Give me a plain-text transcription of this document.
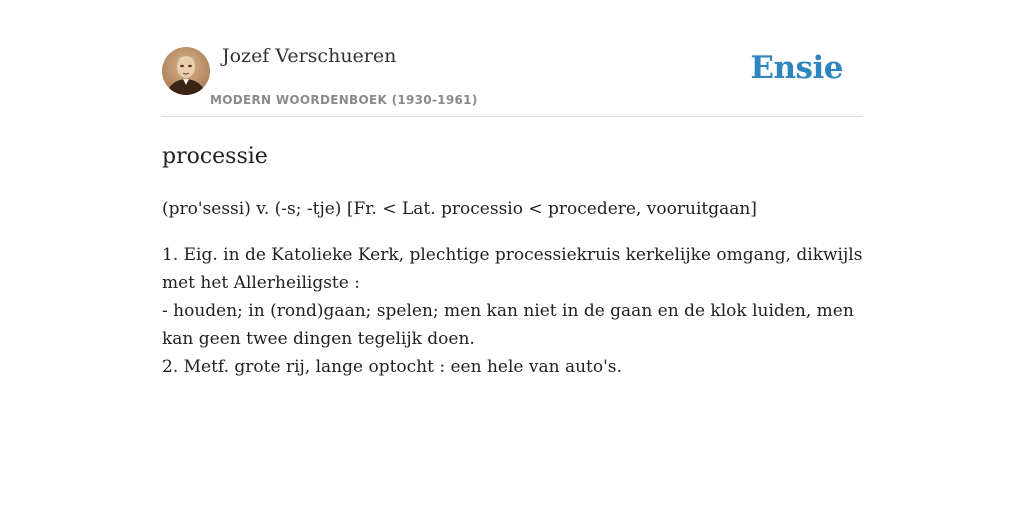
Jozef Verschueren
MODERN WOORDENBOEK (1930-1961)
Ensie
processie

(pro'sessi) v. (-s; -tje) [Fr. < Lat. processio < procedere, vooruitgaan]

1. Eig. in de Katolieke Kerk, plechtige processiekruis kerkelijke omgang, dikwijls
met het Allerheiligste :
- houden; in (rond)gaan; spelen; men kan niet in de gaan en de klok luiden, men
kan geen twee dingen tegelijk doen.
2. Metf. grote rij, lange optocht : een hele van auto's.
